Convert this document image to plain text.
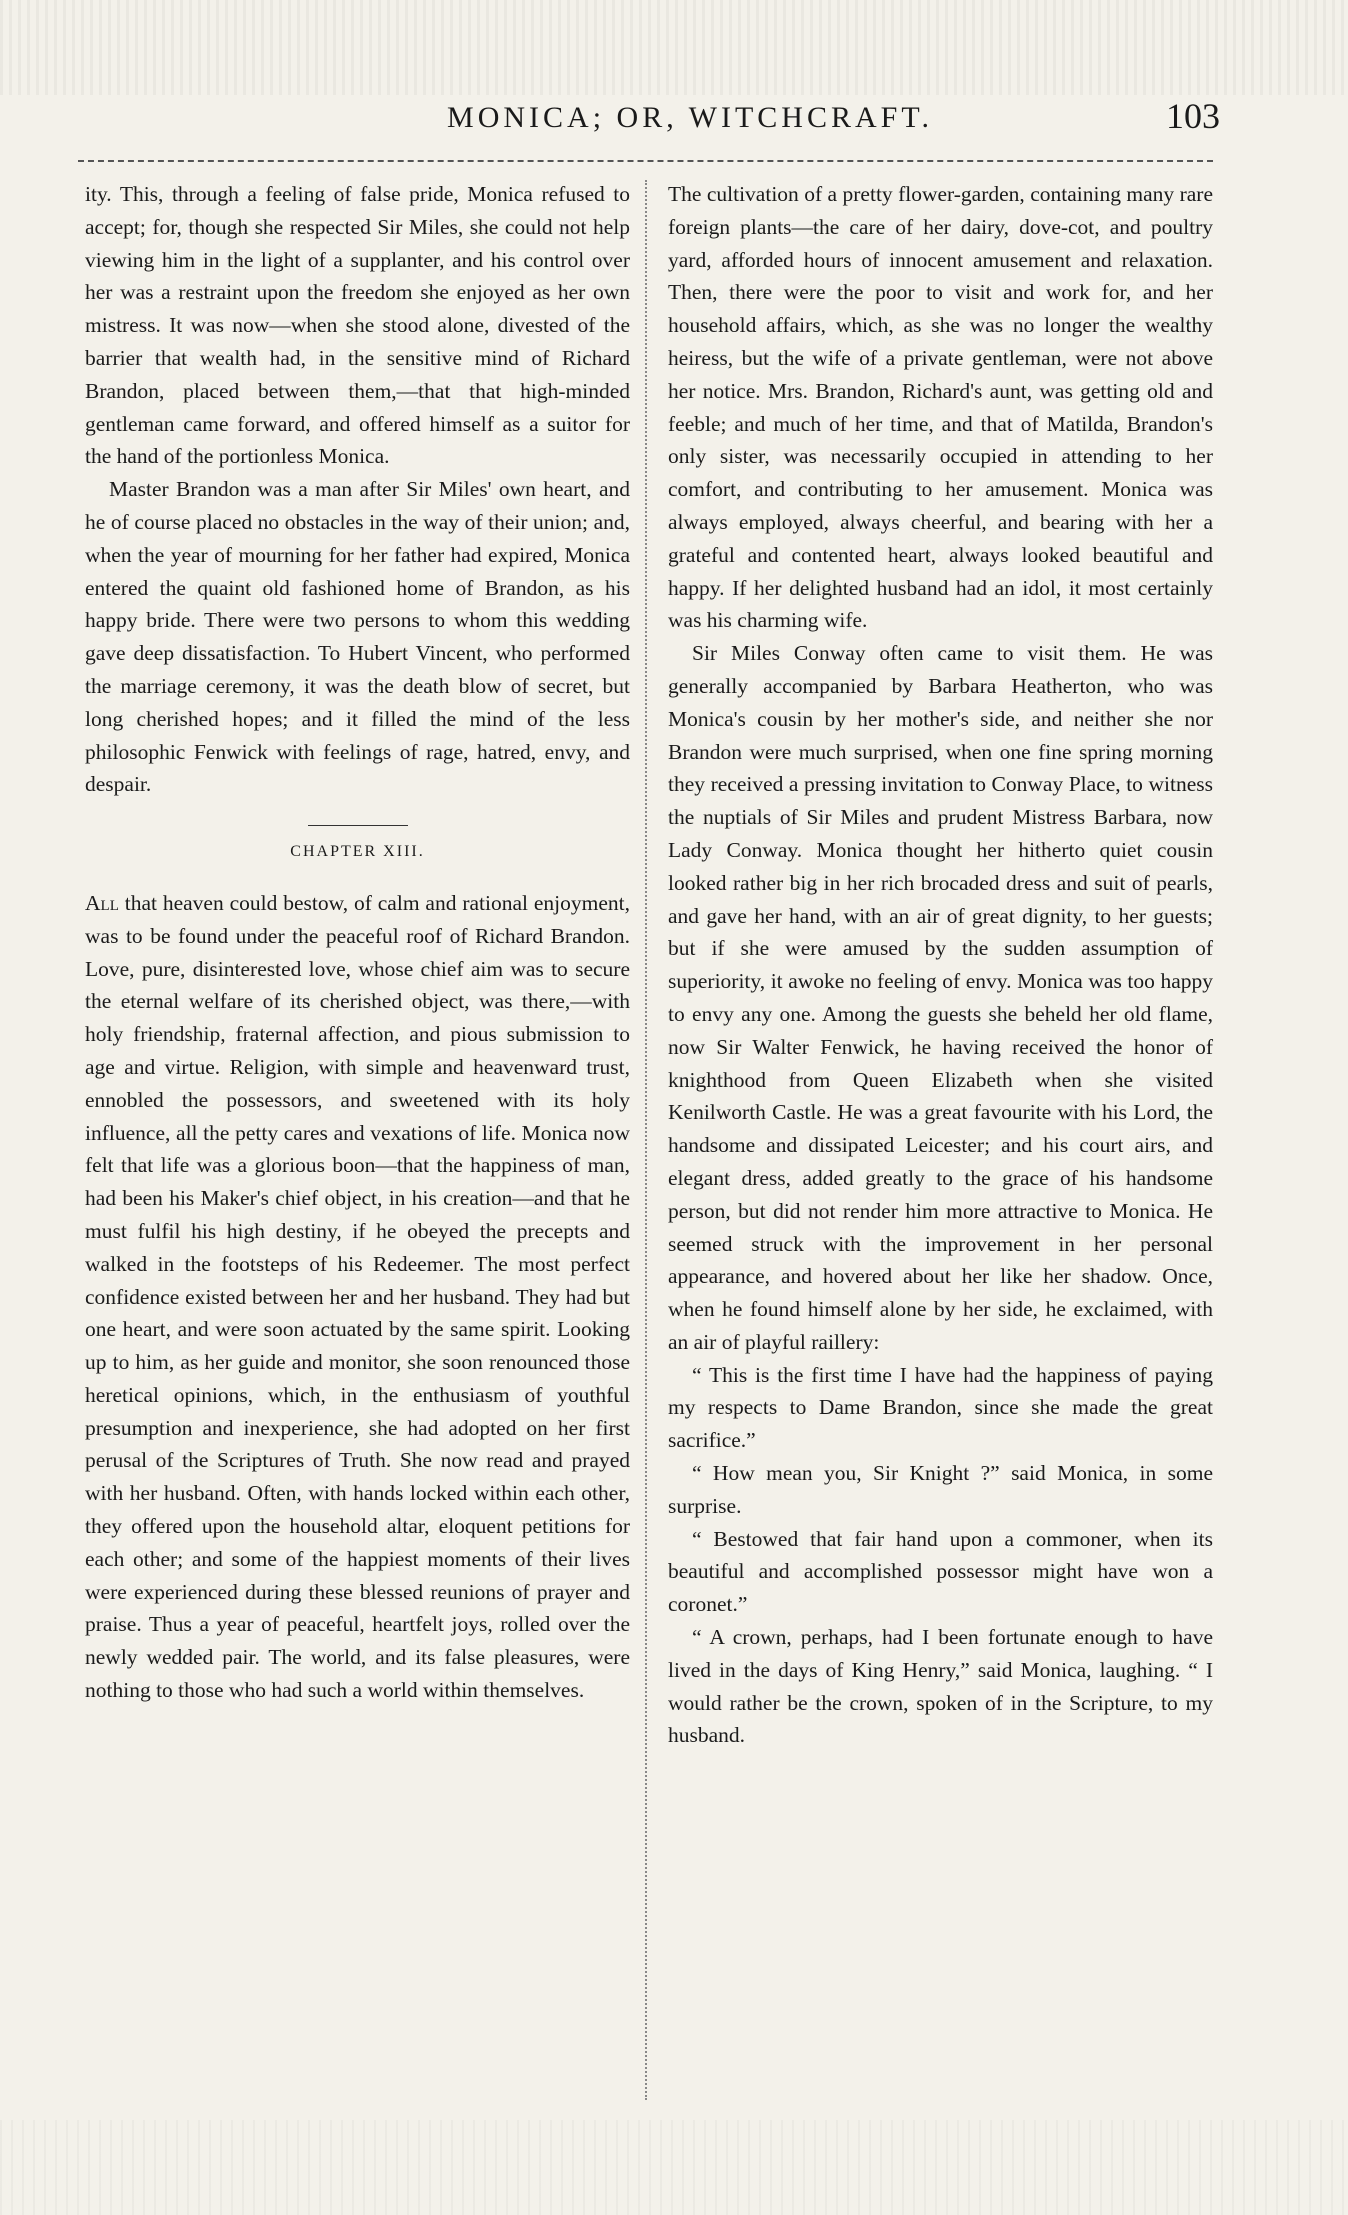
MONICA; OR, WITCHCRAFT.	103

ity. This, through a feeling of false pride, Monica refused to accept; for, though she respected Sir Miles, she could not help viewing him in the light of a supplanter, and his control over her was a restraint upon the freedom she enjoyed as her own mistress. It was now—when she stood alone, divested of the barrier that wealth had, in the sensitive mind of Richard Brandon, placed between them,—that that high-minded gentleman came forward, and offered himself as a suitor for the hand of the portionless Monica.

Master Brandon was a man after Sir Miles' own heart, and he of course placed no obstacles in the way of their union; and, when the year of mourning for her father had expired, Monica entered the quaint old fashioned home of Brandon, as his happy bride. There were two persons to whom this wedding gave deep dissatisfaction. To Hubert Vincent, who performed the marriage ceremony, it was the death blow of secret, but long cherished hopes; and it filled the mind of the less philosophic Fenwick with feelings of rage, hatred, envy, and despair.

CHAPTER XIII.

All that heaven could bestow, of calm and rational enjoyment, was to be found under the peaceful roof of Richard Brandon. Love, pure, disinterested love, whose chief aim was to secure the eternal welfare of its cherished object, was there,—with holy friendship, fraternal affection, and pious submission to age and virtue. Religion, with simple and heavenward trust, ennobled the possessors, and sweetened with its holy influence, all the petty cares and vexations of life. Monica now felt that life was a glorious boon—that the happiness of man, had been his Maker's chief object, in his creation—and that he must fulfil his high destiny, if he obeyed the precepts and walked in the footsteps of his Redeemer. The most perfect confidence existed between her and her husband. They had but one heart, and were soon actuated by the same spirit. Looking up to him, as her guide and monitor, she soon renounced those heretical opinions, which, in the enthusiasm of youthful presumption and inexperience, she had adopted on her first perusal of the Scriptures of Truth. She now read and prayed with her husband. Often, with hands locked within each other, they offered upon the household altar, eloquent petitions for each other; and some of the happiest moments of their lives were experienced during these blessed reunions of prayer and praise. Thus a year of peaceful, heartfelt joys, rolled over the newly wedded pair. The world, and its false pleasures, were nothing to those who had such a world within themselves.

The cultivation of a pretty flower-garden, containing many rare foreign plants—the care of her dairy, dove-cot, and poultry yard, afforded hours of innocent amusement and relaxation. Then, there were the poor to visit and work for, and her household affairs, which, as she was no longer the wealthy heiress, but the wife of a private gentleman, were not above her notice. Mrs. Brandon, Richard's aunt, was getting old and feeble; and much of her time, and that of Matilda, Brandon's only sister, was necessarily occupied in attending to her comfort, and contributing to her amusement. Monica was always employed, always cheerful, and bearing with her a grateful and contented heart, always looked beautiful and happy. If her delighted husband had an idol, it most certainly was his charming wife.

Sir Miles Conway often came to visit them. He was generally accompanied by Barbara Heatherton, who was Monica's cousin by her mother's side, and neither she nor Brandon were much surprised, when one fine spring morning they received a pressing invitation to Conway Place, to witness the nuptials of Sir Miles and prudent Mistress Barbara, now Lady Conway. Monica thought her hitherto quiet cousin looked rather big in her rich brocaded dress and suit of pearls, and gave her hand, with an air of great dignity, to her guests; but if she were amused by the sudden assumption of superiority, it awoke no feeling of envy. Monica was too happy to envy any one. Among the guests she beheld her old flame, now Sir Walter Fenwick, he having received the honor of knighthood from Queen Elizabeth when she visited Kenilworth Castle. He was a great favourite with his Lord, the handsome and dissipated Leicester; and his court airs, and elegant dress, added greatly to the grace of his handsome person, but did not render him more attractive to Monica. He seemed struck with the improvement in her personal appearance, and hovered about her like her shadow. Once, when he found himself alone by her side, he exclaimed, with an air of playful raillery:

“ This is the first time I have had the happiness of paying my respects to Dame Brandon, since she made the great sacrifice.”

“ How mean you, Sir Knight ?” said Monica, in some surprise.

“ Bestowed that fair hand upon a commoner, when its beautiful and accomplished possessor might have won a coronet.”

“ A crown, perhaps, had I been fortunate enough to have lived in the days of King Henry,” said Monica, laughing. “ I would rather be the crown, spoken of in the Scripture, to my husband.
